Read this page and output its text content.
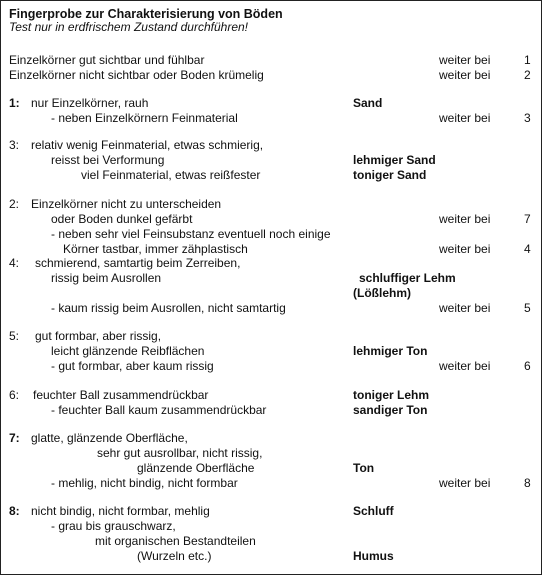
Fingerprobe zur Charakterisierung von Böden
Test nur in erdfrischem Zustand durchführen!
Einzelkörner gut sichtbar und fühlbar	weiter bei	1
Einzelkörner nicht sichtbar oder Boden krümelig	weiter bei	2
1: nur Einzelkörner, rauh	Sand
- neben Einzelkörnern Feinmaterial	weiter bei	3
3: relativ wenig Feinmaterial, etwas schmierig,
reisst bei Verformung	lehmiger Sand
viel Feinmaterial, etwas reißfester	toniger Sand
2: Einzelkörner nicht zu unterscheiden
oder Boden dunkel gefärbt	weiter bei	7
- neben sehr viel Feinsubstanz eventuell noch einige
Körner tastbar, immer zähplastisch	weiter bei	4
4: schmierend, samtartig beim Zerreiben,
rissig beim Ausrollen	schluffiger Lehm
(Lößlehm)
- kaum rissig beim Ausrollen, nicht samtartig	weiter bei	5
5: gut formbar, aber rissig,
leicht glänzende Reibflächen	lehmiger Ton
- gut formbar, aber kaum rissig	weiter bei	6
6: feuchter Ball zusammendrückbar	toniger Lehm
- feuchter Ball kaum zusammendrückbar	sandiger Ton
7: glatte, glänzende Oberfläche,
sehr gut ausrollbar, nicht rissig,
glänzende Oberfläche	Ton
- mehlig, nicht bindig, nicht formbar	weiter bei	8
8: nicht bindig, nicht formbar, mehlig	Schluff
- grau bis grauschwarz,
mit organischen Bestandteilen
(Wurzeln etc.)	Humus
